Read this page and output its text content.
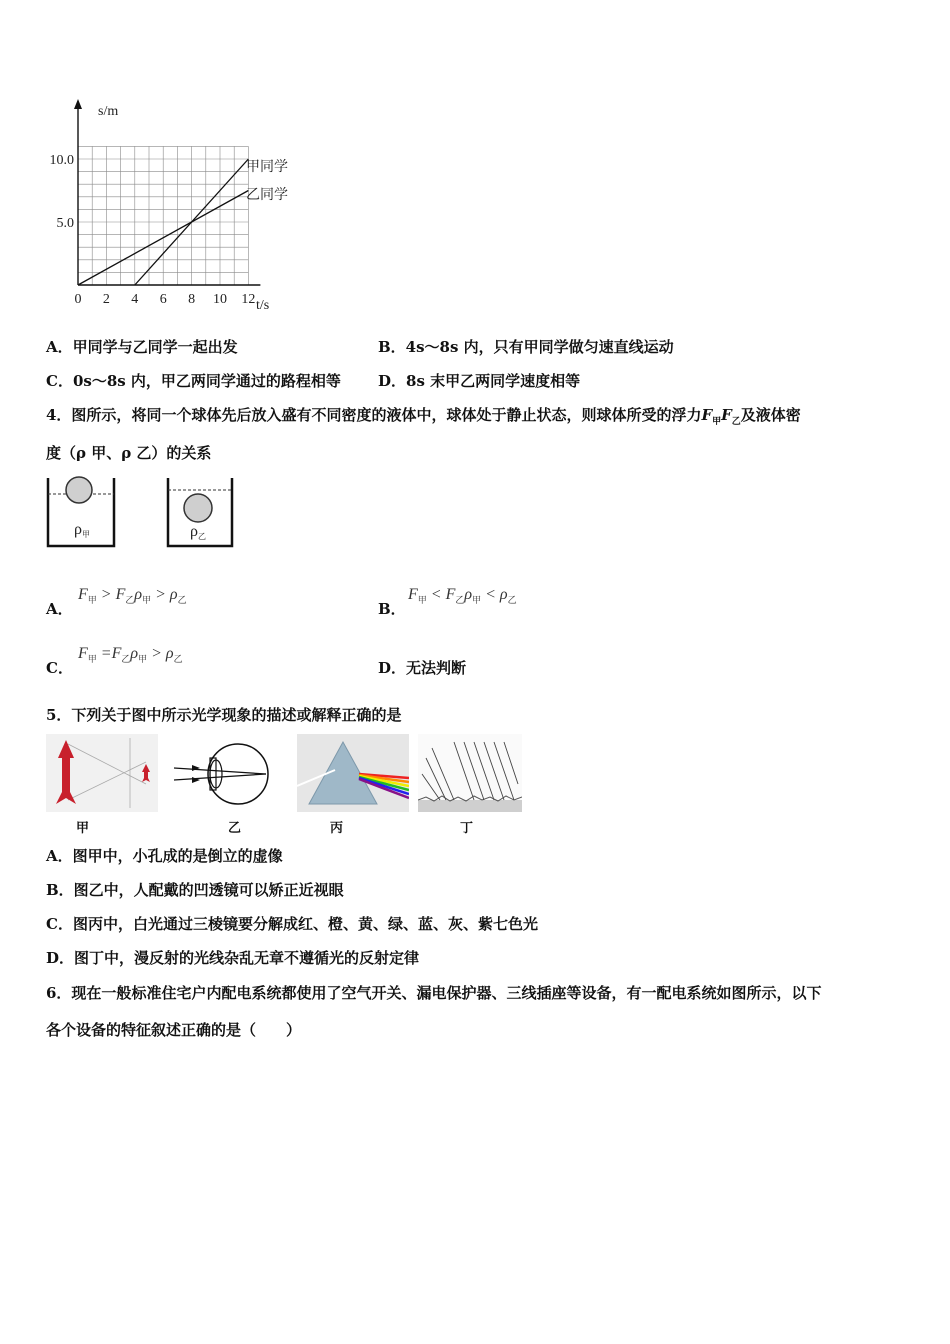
s/m
t/s
0 2 4 6 8 10 12
5.0
10.0	甲同学
乙同学
A．甲同学与乙同学一起出发	B．4s～8s 内，只有甲同学做匀速直线运动
C．0s～8s 内，甲乙两同学通过的路程相等 D．8s 末甲乙两同学速度相等
4．图所示，将同一个球体先后放入盛有不同密度的液体中，球体处于静止状态，则球体所受的浮力$F_甲F_乙$及液体密
度（ρ 甲、ρ 乙）的关系
ρ甲	ρ乙
A．
$F_甲 > F_乙\rho_甲 > \rho_乙$	B．
$F_甲 < F_乙\rho_甲 < \rho_乙$
C．
$F_甲 =F_乙\rho_甲 > \rho_乙$	D．无法判断
5．下列关于图中所示光学现象的描述或解释正确的是
甲	乙	丙	丁
A．图甲中，小孔成的是倒立的虚像
B．图乙中，人配戴的凹透镜可以矫正近视眼
C．图丙中，白光通过三棱镜要分解成红、橙、黄、绿、蓝、灰、紫七色光
D．图丁中，漫反射的光线杂乱无章不遵循光的反射定律
6．现在一般标准住宅户内配电系统都使用了空气开关、漏电保护器、三线插座等设备，有一配电系统如图所示，以下
各个设备的特征叙述正确的是（　　）
